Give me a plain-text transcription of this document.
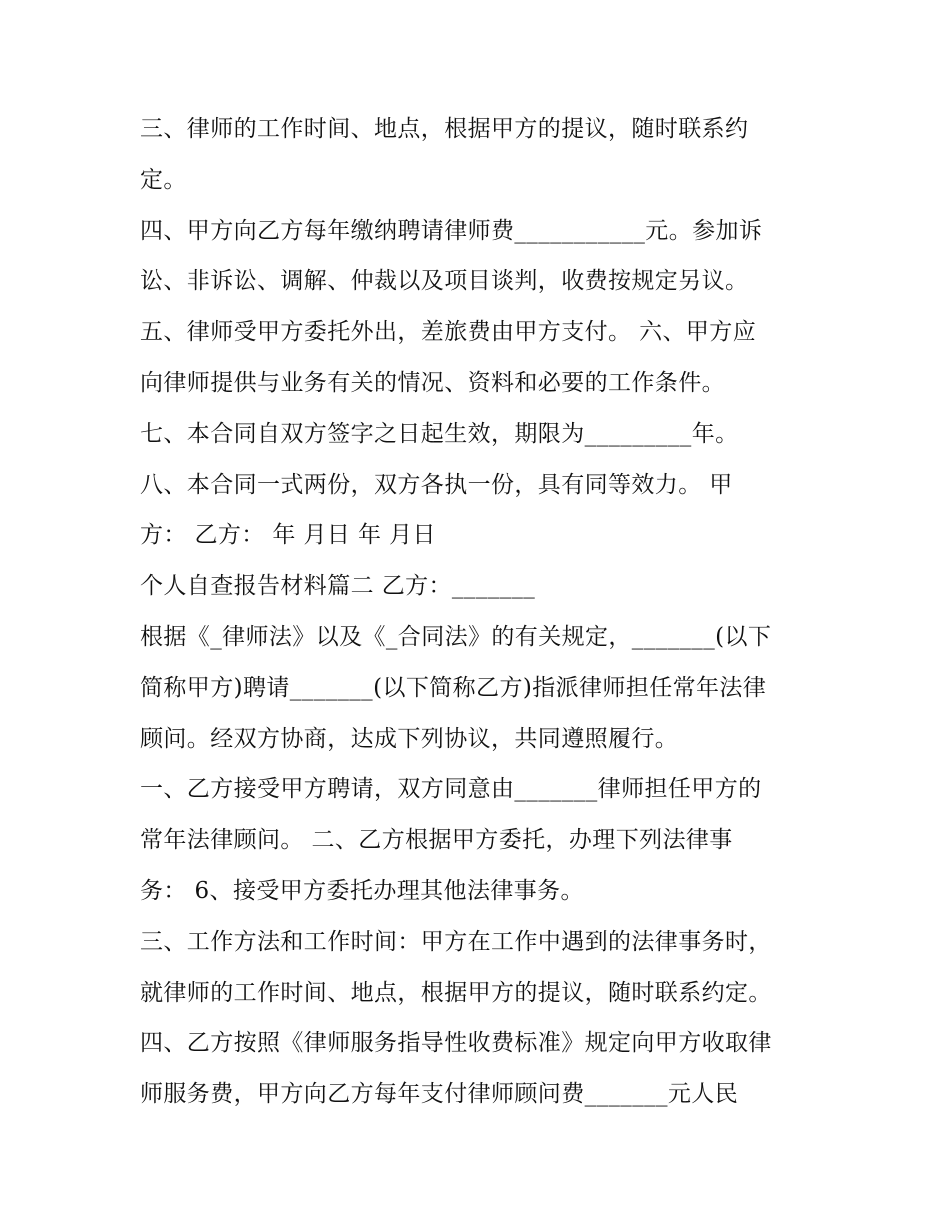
三、律师的工作时间、地点，根据甲方的提议，随时联系约
定。
四、甲方向乙方每年缴纳聘请律师费___________元。参加诉
讼、非诉讼、调解、仲裁以及项目谈判，收费按规定另议。
五、律师受甲方委托外出，差旅费由甲方支付。 六、甲方应
向律师提供与业务有关的情况、资料和必要的工作条件。
七、本合同自双方签字之日起生效，期限为_________年。
八、本合同一式两份，双方各执一份，具有同等效力。 甲
方： 乙方： 年 月日 年 月日
个人自查报告材料篇二 乙方：_______
根据《_律师法》以及《_合同法》的有关规定，_______(以下
简称甲方)聘请_______(以下简称乙方)指派律师担任常年法律
顾问。经双方协商，达成下列协议，共同遵照履行。
一、乙方接受甲方聘请，双方同意由_______律师担任甲方的
常年法律顾问。 二、乙方根据甲方委托，办理下列法律事
务： 6、接受甲方委托办理其他法律事务。
三、工作方法和工作时间：甲方在工作中遇到的法律事务时，
就律师的工作时间、地点，根据甲方的提议，随时联系约定。
四、乙方按照《律师服务指导性收费标准》规定向甲方收取律
师服务费，甲方向乙方每年支付律师顾问费_______元人民
